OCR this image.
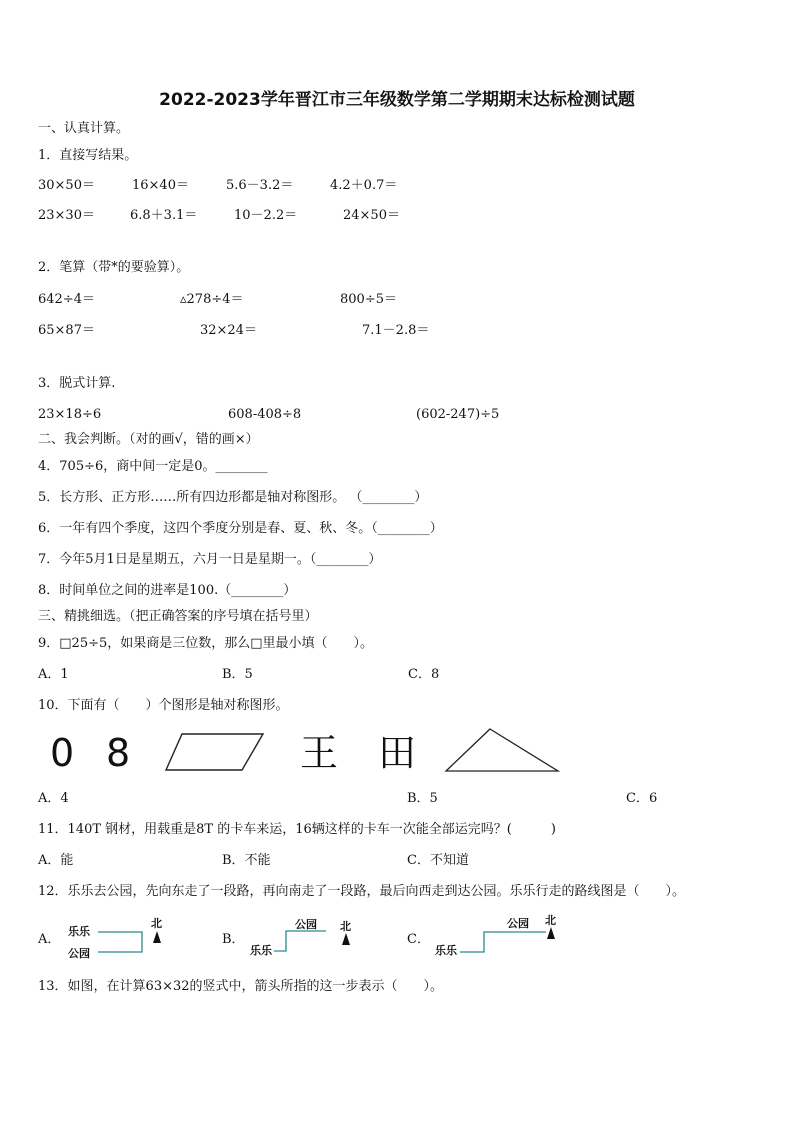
2022-2023学年晋江市三年级数学第二学期期末达标检测试题
一、认真计算。
1．直接写结果。
30×50＝	16×40＝	5.6－3.2＝	4.2＋0.7＝
23×30＝	6.8＋3.1＝	10－2.2＝	24×50＝
2．笔算（带*的要验算）。
642÷4＝	▵278÷4＝	800÷5＝
65×87＝	32×24＝	7.1－2.8＝
3．脱式计算.
23×18÷6	608-408÷8	(602-247)÷5
二、我会判断。（对的画√，错的画×）
4．705÷6，商中间一定是0。________
5．长方形、正方形……所有四边形都是轴对称图形。 （________）
6．一年有四个季度，这四个季度分别是春、夏、秋、冬。（________）
7．今年5月1日是星期五，六月一日是星期一。（________）
8．时间单位之间的进率是100.（________）
三、精挑细选。（把正确答案的序号填在括号里）
9．□25÷5，如果商是三位数，那么□里最小填（　　）。
A．1	B．5	C．8
10．下面有（　　）个图形是轴对称图形。
0 8	王 田
A．4	B．5	C．6
11．140T 钢材，用载重是8T 的卡车来运，16辆这样的卡车一次能全部运完吗？(　　　)
A．能	B．不能	C．不知道
12．乐乐去公园，先向东走了一段路，再向南走了一段路，最后向西走到达公园。乐乐行走的路线图是（　　）。
A．
乐乐
公园
北
B．
乐乐
公园 北
C．
乐乐
公园 北
13．如图，在计算63×32的竖式中，箭头所指的这一步表示（　　）。
